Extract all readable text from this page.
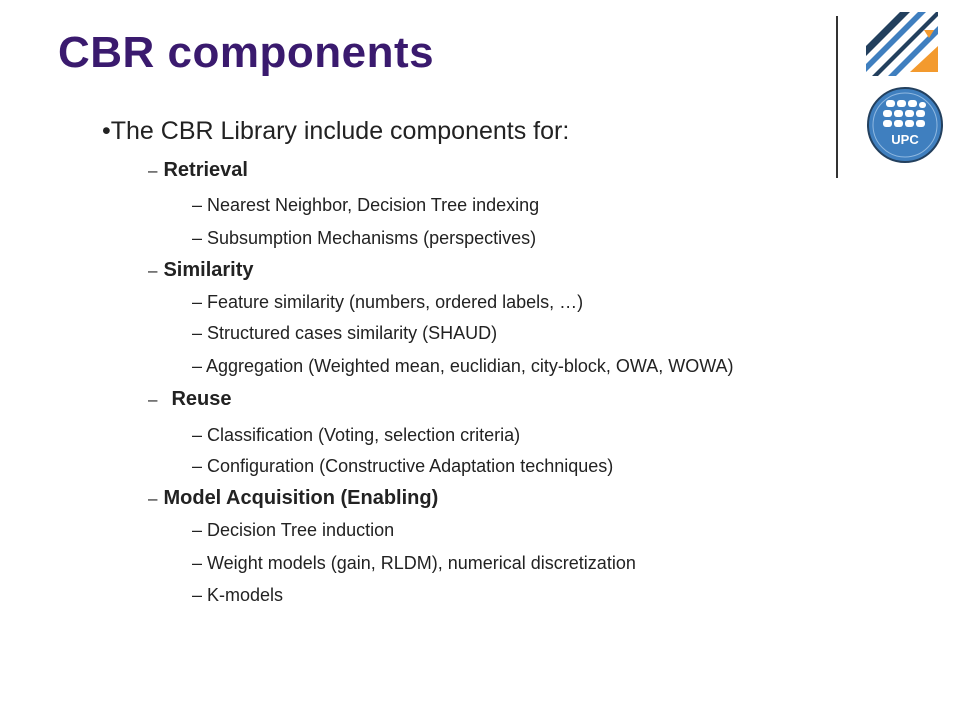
CBR components
UPC
•The CBR Library include components for:
– Retrieval
– Nearest Neighbor, Decision Tree indexing
– Subsumption Mechanisms (perspectives)
– Similarity
– Feature similarity (numbers, ordered labels, …)
– Structured cases similarity (SHAUD)
– Aggregation (Weighted mean, euclidian, city-block, OWA, WOWA)
– Reuse
– Classification (Voting, selection criteria)
– Configuration (Constructive Adaptation techniques)
– Model Acquisition (Enabling)
– Decision Tree induction
– Weight models (gain, RLDM), numerical discretization
– K-models
